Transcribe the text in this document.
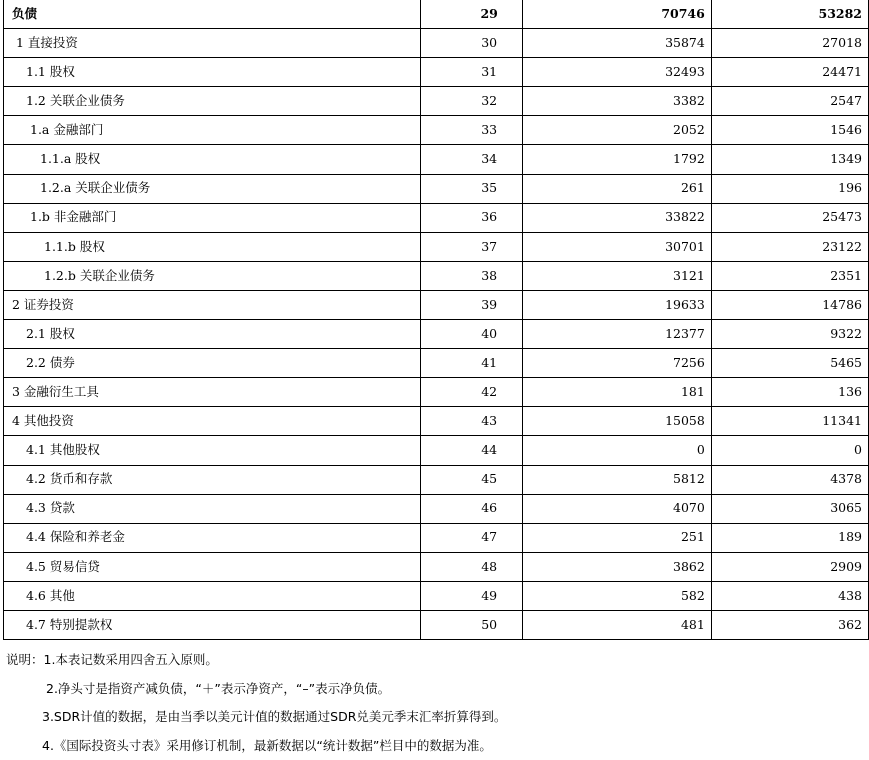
负债	29	70746	53282
1 直接投资	30	35874	27018
1.1 股权	31	32493	24471
1.2 关联企业债务	32	3382	2547
1.a 金融部门	33	2052	1546
1.1.a 股权	34	1792	1349
1.2.a 关联企业债务	35	261	196
1.b 非金融部门	36	33822	25473
1.1.b 股权	37	30701	23122
1.2.b 关联企业债务	38	3121	2351
2 证券投资	39	19633	14786
2.1 股权	40	12377	9322
2.2 债券	41	7256	5465
3 金融衍生工具	42	181	136
4 其他投资	43	15058	11341
4.1 其他股权	44	0	0
4.2 货币和存款	45	5812	4378
4.3 贷款	46	4070	3065
4.4 保险和养老金	47	251	189
4.5 贸易信贷	48	3862	2909
4.6 其他	49	582	438
4.7 特别提款权	50	481	362
说明：1.本表记数采用四舍五入原则。
2.净头寸是指资产减负债，“＋”表示净资产，“–”表示净负债。
3.SDR计值的数据，是由当季以美元计值的数据通过SDR兑美元季末汇率折算得到。
4.《国际投资头寸表》采用修订机制，最新数据以“统计数据”栏目中的数据为准。
